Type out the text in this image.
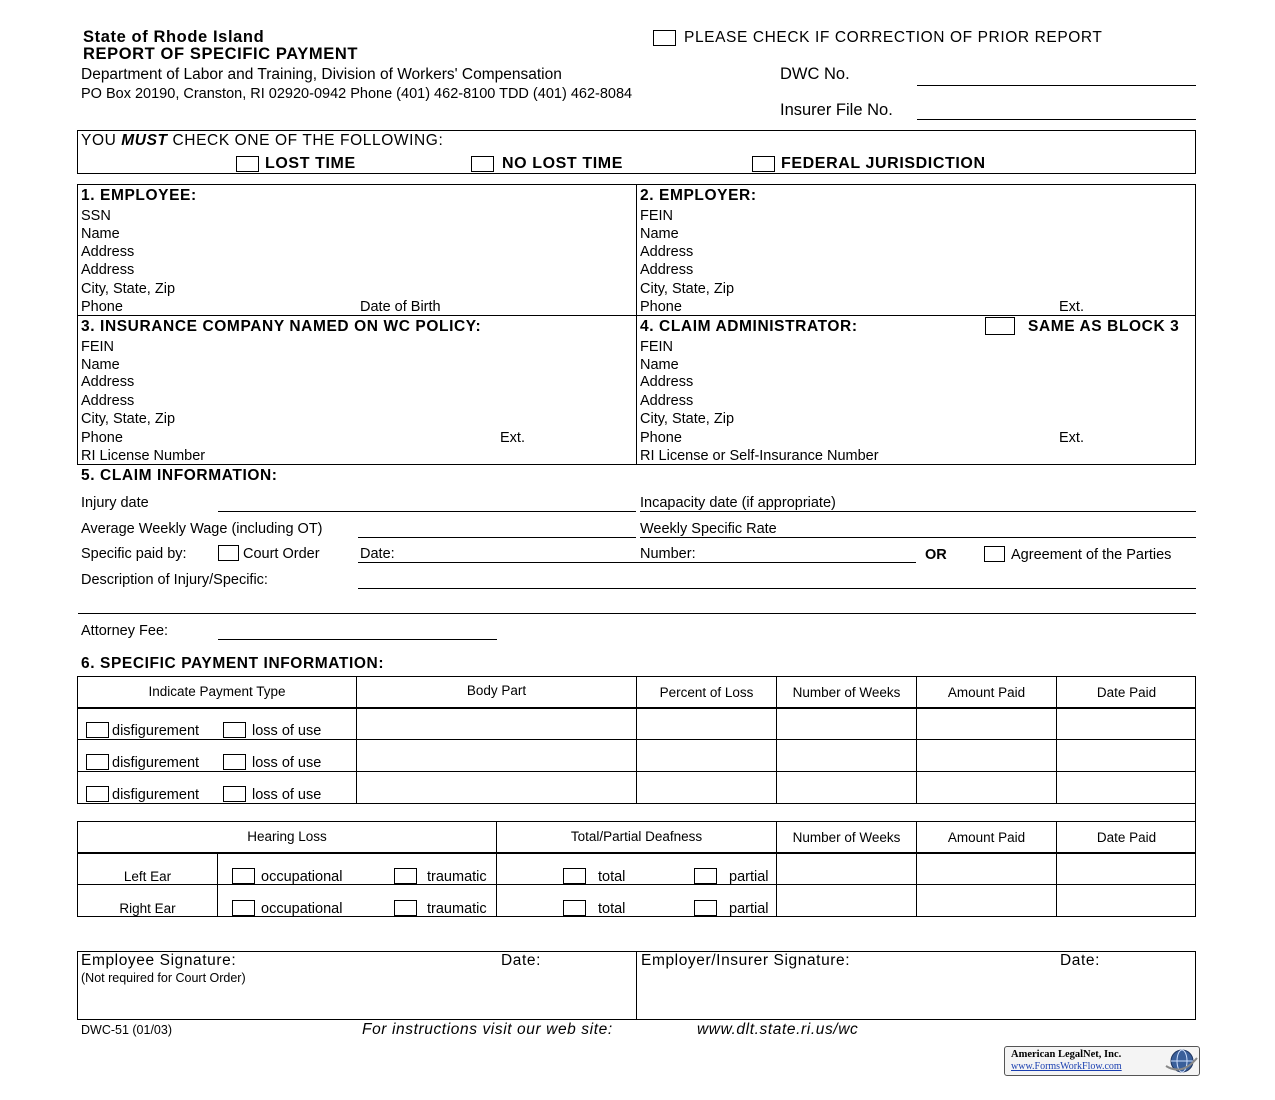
State of Rhode Island
REPORT OF SPECIFIC PAYMENT
Department of Labor and Training, Division of Workers' Compensation
PO Box 20190, Cranston, RI 02920-0942 Phone (401) 462-8100 TDD (401) 462-8084
PLEASE CHECK IF CORRECTION OF PRIOR REPORT
DWC No.
Insurer File No.
YOU MUST CHECK ONE OF THE FOLLOWING:
LOST TIME	NO LOST TIME	FEDERAL JURISDICTION
1. EMPLOYEE:
SSN
Name
Address
Address
City, State, Zip
Phone	Date of Birth
2. EMPLOYER:
FEIN
Name
Address
Address
City, State, Zip
Phone	Ext.
3. INSURANCE COMPANY NAMED ON WC POLICY:
FEIN
Name
Address
Address
City, State, Zip
Phone	Ext.
RI License Number
4. CLAIM ADMINISTRATOR:	SAME AS BLOCK 3
FEIN
Name
Address
Address
City, State, Zip
Phone	Ext.
RI License or Self-Insurance Number
5. CLAIM INFORMATION:
Injury date	Incapacity date (if appropriate)
Average Weekly Wage (including OT)	Weekly Specific Rate
Specific paid by:	Court Order	Date:	Number:	OR	Agreement of the Parties
Description of Injury/Specific:
Attorney Fee:
6. SPECIFIC PAYMENT INFORMATION:
Indicate Payment Type	Body Part	Percent of Loss	Number of Weeks	Amount Paid	Date Paid
disfigurement	loss of use
disfigurement	loss of use
disfigurement	loss of use
Hearing Loss	Total/Partial Deafness	Number of Weeks	Amount Paid	Date Paid
Left Ear	occupational	traumatic	total	partial
Right Ear	occupational	traumatic	total	partial
Employee Signature:	Date:
(Not required for Court Order)
Employer/Insurer Signature:	Date:
DWC-51 (01/03)	For instructions visit our web site:	www.dlt.state.ri.us/wc
American LegalNet, Inc.
www.FormsWorkFlow.com
